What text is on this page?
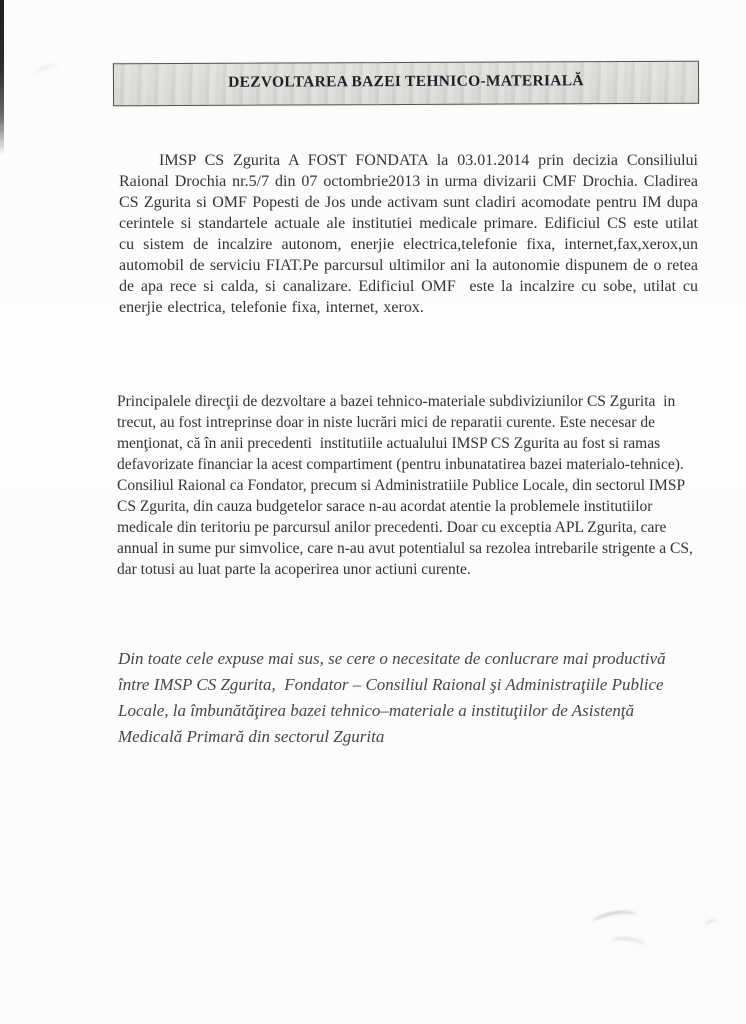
DEZVOLTAREA BAZEI TEHNICO-MATERIALĂ
IMSP CS Zgurita A FOST FONDATA la 03.01.2014 prin decizia Consiliului Raional Drochia nr.5/7 din 07 octombrie2013 in urma divizarii CMF Drochia. Cladirea CS Zgurita si OMF Popesti de Jos unde activam sunt cladiri acomodate pentru IM dupa cerintele si standartele actuale ale institutiei medicale primare. Edificiul CS este utilat cu sistem de incalzire autonom, enerjie electrica,telefonie fixa, internet,fax,xerox,un automobil de serviciu FIAT.Pe parcursul ultimilor ani la autonomie dispunem de o retea de apa rece si calda, si canalizare. Edificiul OMF  este la incalzire cu sobe, utilat cu enerjie electrica, telefonie fixa, internet, xerox.

Principalele direcţii de dezvoltare a bazei tehnico-materiale subdiviziunilor CS Zgurita  in trecut, au fost intreprinse doar in niste lucrări mici de reparatii curente. Este necesar de menţionat, că în anii precedenti  institutiile actualului IMSP CS Zgurita au fost si ramas defavorizate financiar la acest compartiment (pentru inbunatatirea bazei materialo-tehnice).

Consiliul Raional ca Fondator, precum si Administratiile Publice Locale, din sectorul IMSP CS Zgurita, din cauza budgetelor sarace n-au acordat atentie la problemele institutiilor medicale din teritoriu pe parcursul anilor precedenti. Doar cu exceptia APL Zgurita, care annual in sume pur simvolice, care n-au avut potentialul sa rezolea intrebarile strigente a CS, dar totusi au luat parte la acoperirea unor actiuni curente.

Din toate cele expuse mai sus, se cere o necesitate de conlucrare mai productivă între IMSP CS Zgurita,  Fondator – Consiliul Raional şi Administraţiile Publice Locale, la îmbunătăţirea bazei tehnico–materiale a instituţiilor de Asistenţă Medicală Primară din sectorul Zgurita
